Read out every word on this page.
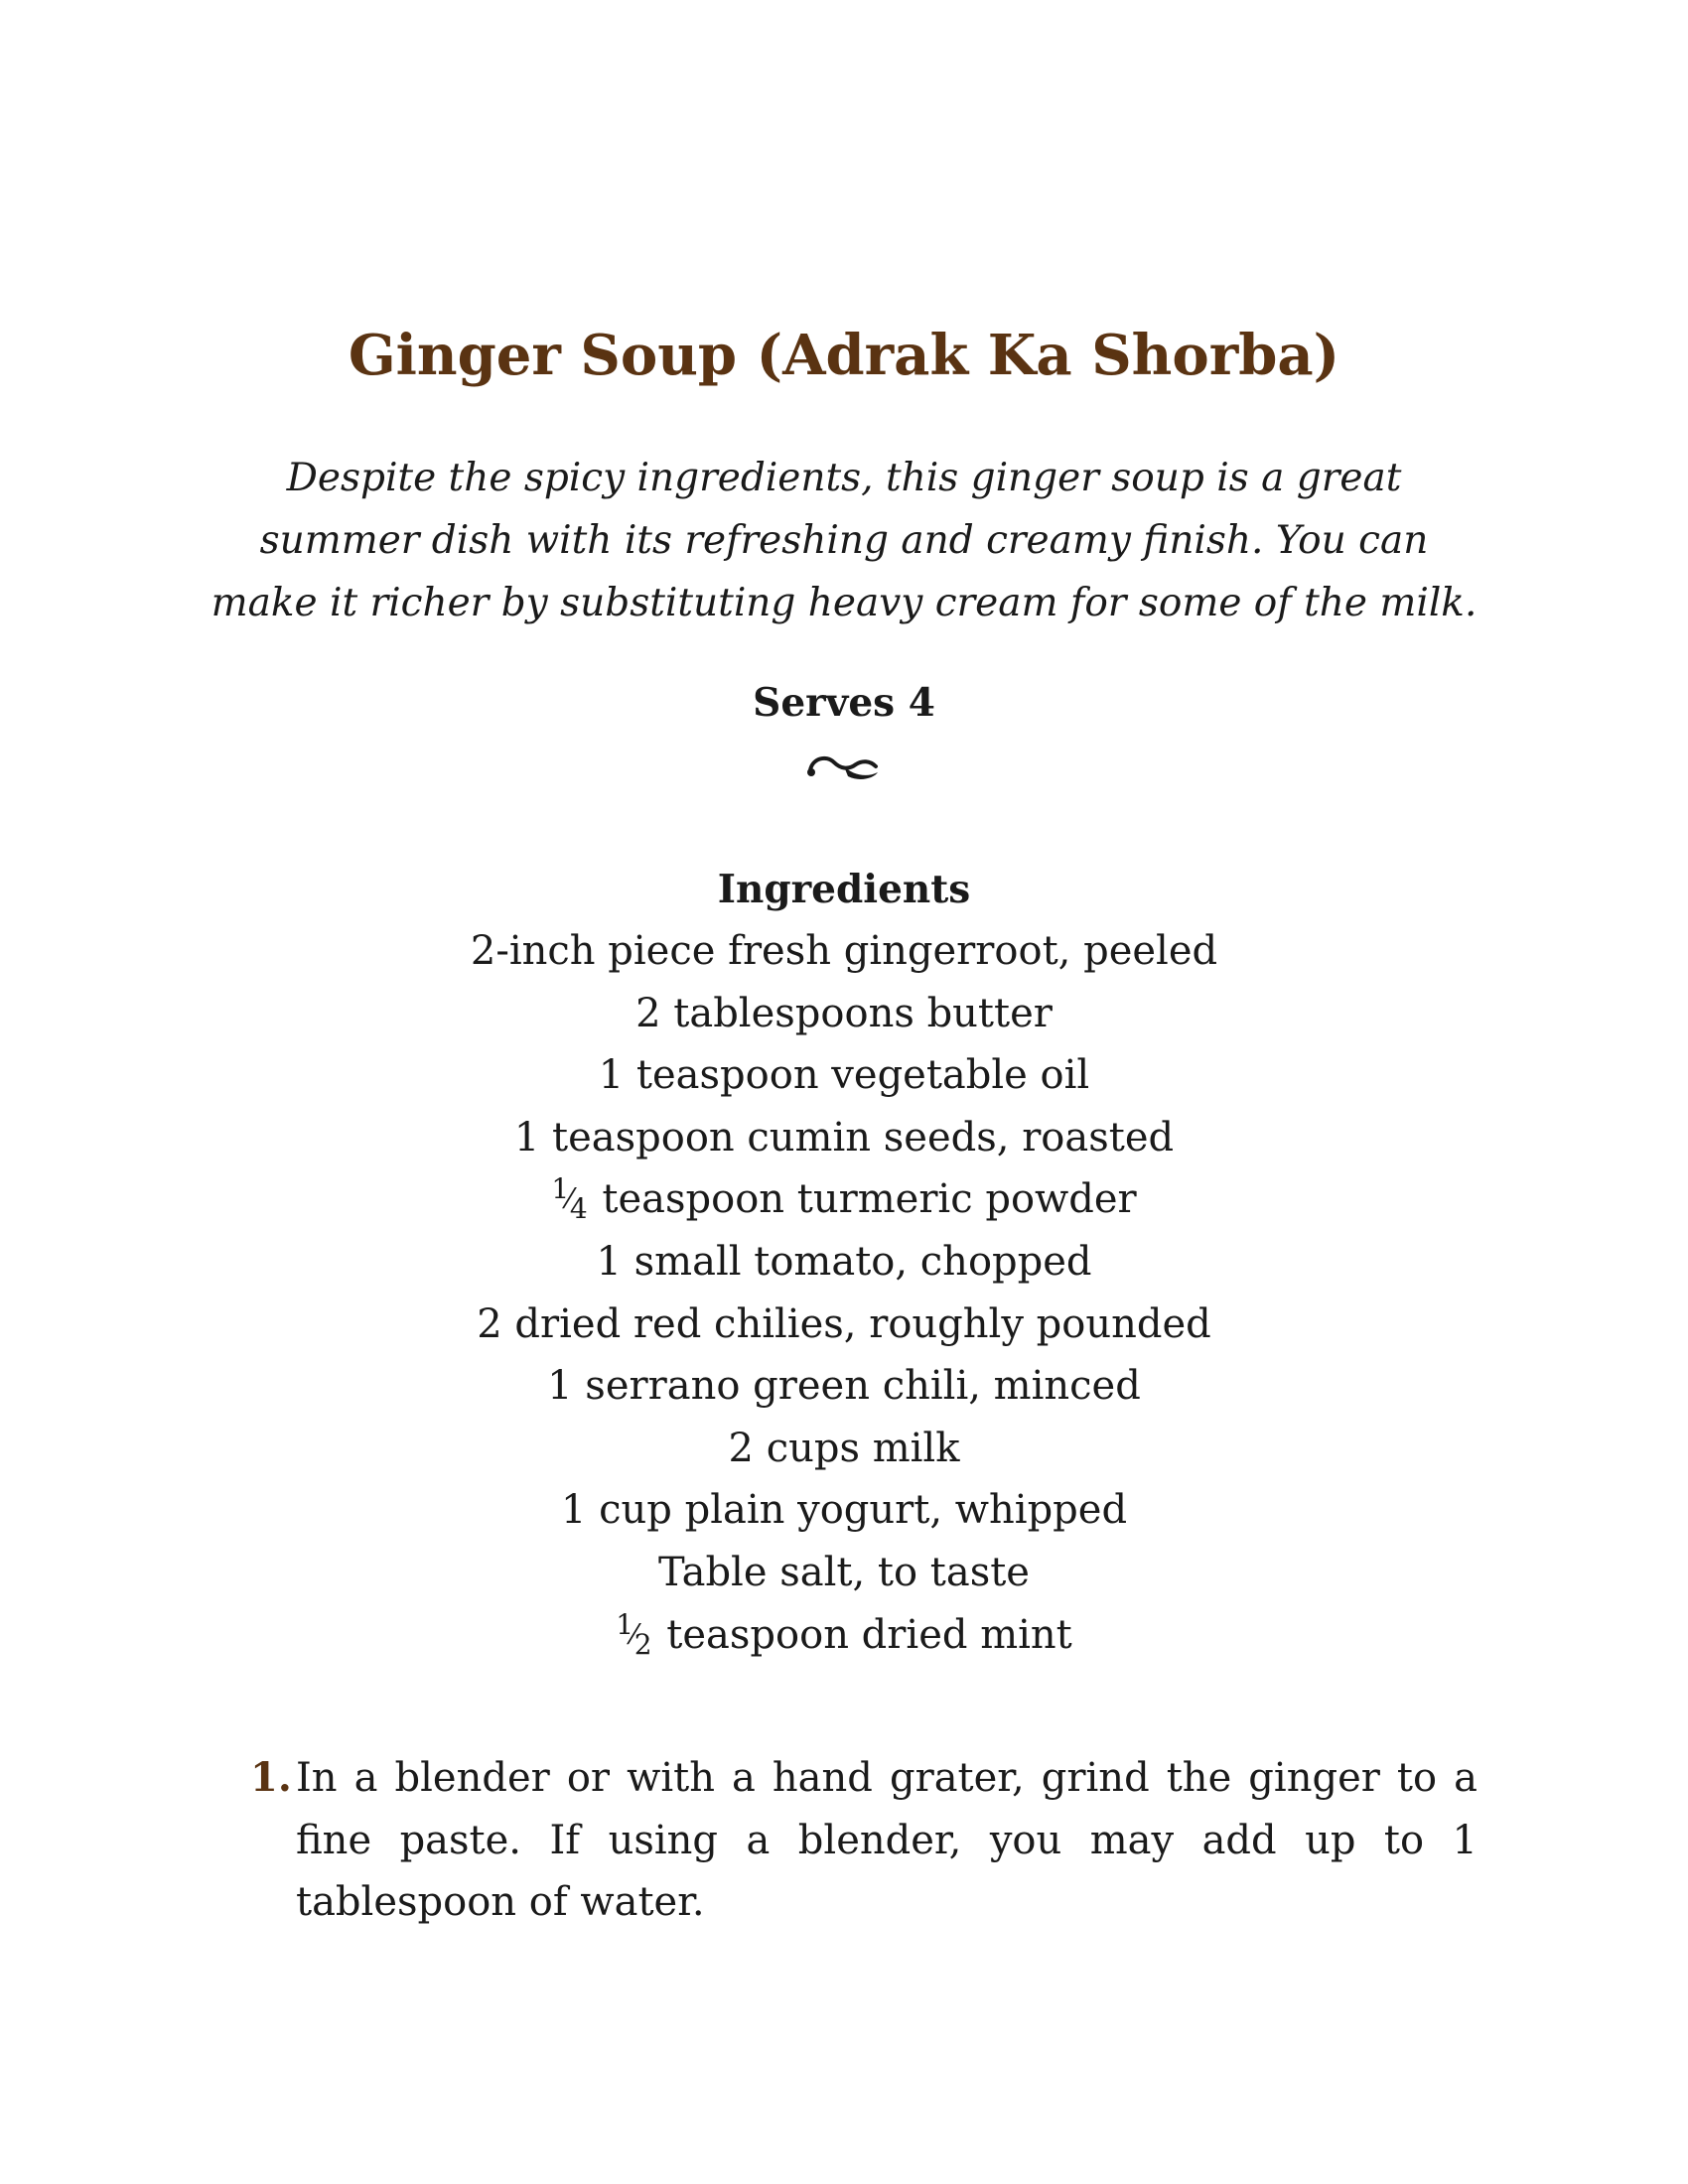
Ginger Soup (Adrak Ka Shorba)

Despite the spicy ingredients, this ginger soup is a great summer dish with its refreshing and creamy finish. You can make it richer by substituting heavy cream for some of the milk.

Serves 4

Ingredients
2-inch piece fresh gingerroot, peeled
2 tablespoons butter
1 teaspoon vegetable oil
1 teaspoon cumin seeds, roasted
1⁄4 teaspoon turmeric powder
1 small tomato, chopped
2 dried red chilies, roughly pounded
1 serrano green chili, minced
2 cups milk
1 cup plain yogurt, whipped
Table salt, to taste
1⁄2 teaspoon dried mint
1. In a blender or with a hand grater, grind the ginger to a fine paste. If using a blender, you may add up to 1 tablespoon of water.
